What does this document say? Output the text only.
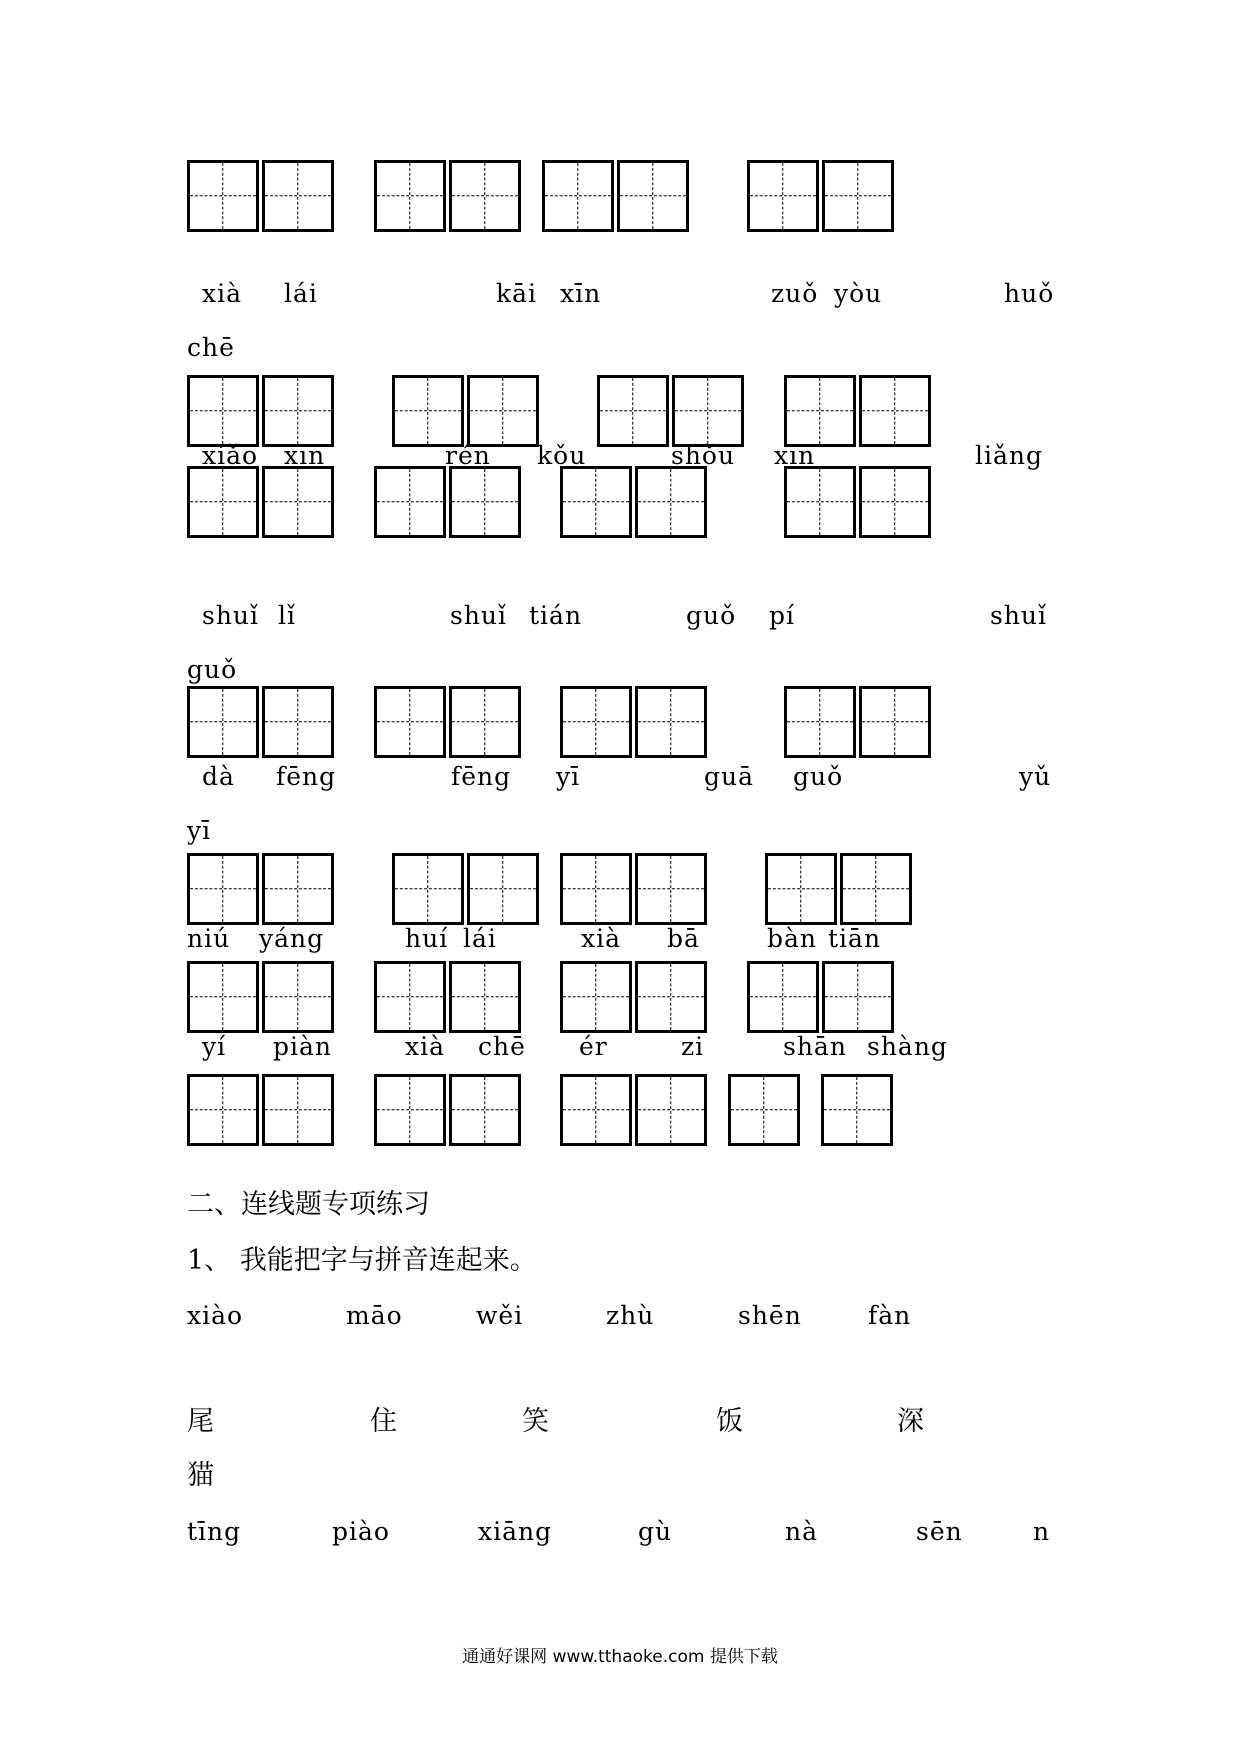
xià lái	kāi xīn	zuǒ yòu	huǒ
chē
xiǎo xīn	rén kǒu	shǒu xīn	liǎng
shuǐ lǐ	shuǐ tián	guǒ pí	shuǐ
guǒ
dà fēng	fēng yī	guā guǒ	yǔ
yī
niú yáng	huí lái	xià bā	bàn tiān
yí piàn	xià chē ér	zi	shān shàng
二、连线题专项练习
1、 我能把字与拼音连起来。
xiào	māo	wěi	zhù	shēn	fàn
尾	住	笑	饭	深
猫
tīng	piào	xiāng	gù	nà	sēn	n
通通好课网 www.tthaoke.com 提供下载
